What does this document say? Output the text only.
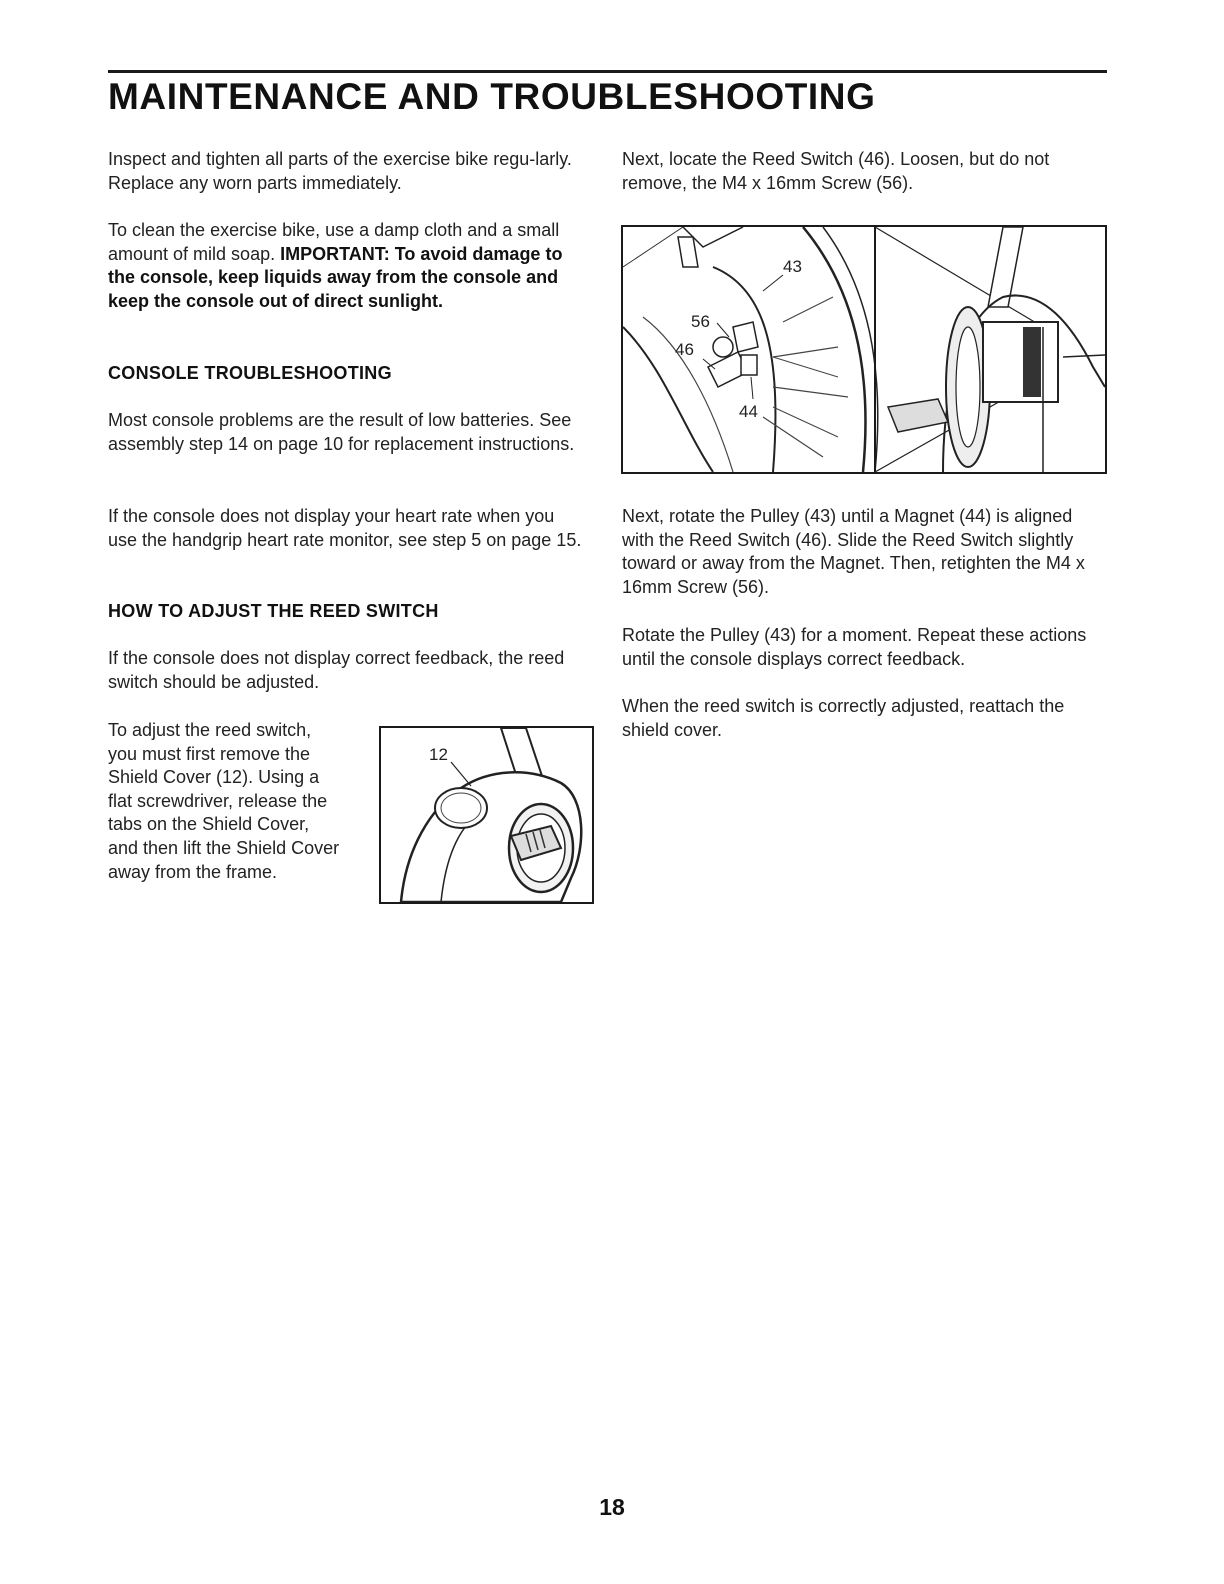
MAINTENANCE AND TROUBLESHOOTING

Inspect and tighten all parts of the exercise bike regu-larly. Replace any worn parts immediately.

To clean the exercise bike, use a damp cloth and a small amount of mild soap. IMPORTANT: To avoid damage to the console, keep liquids away from the console and keep the console out of direct sunlight.

CONSOLE TROUBLESHOOTING

Most console problems are the result of low batteries. See assembly step 14 on page 10 for replacement instructions.

If the console does not display your heart rate when you use the handgrip heart rate monitor, see step 5 on page 15.

HOW TO ADJUST THE REED SWITCH

If the console does not display correct feedback, the reed switch should be adjusted.

To adjust the reed switch, you must first remove the Shield Cover (12). Using a flat screwdriver, release the tabs on the Shield Cover, and then lift the Shield Cover away from the frame.

12

Next, locate the Reed Switch (46). Loosen, but do not remove, the M4 x 16mm Screw (56).

43
56
46
44

Next, rotate the Pulley (43) until a Magnet (44) is aligned with the Reed Switch (46). Slide the Reed Switch slightly toward or away from the Magnet. Then, retighten the M4 x 16mm Screw (56).

Rotate the Pulley (43) for a moment. Repeat these actions until the console displays correct feedback.

When the reed switch is correctly adjusted, reattach the shield cover.

18
